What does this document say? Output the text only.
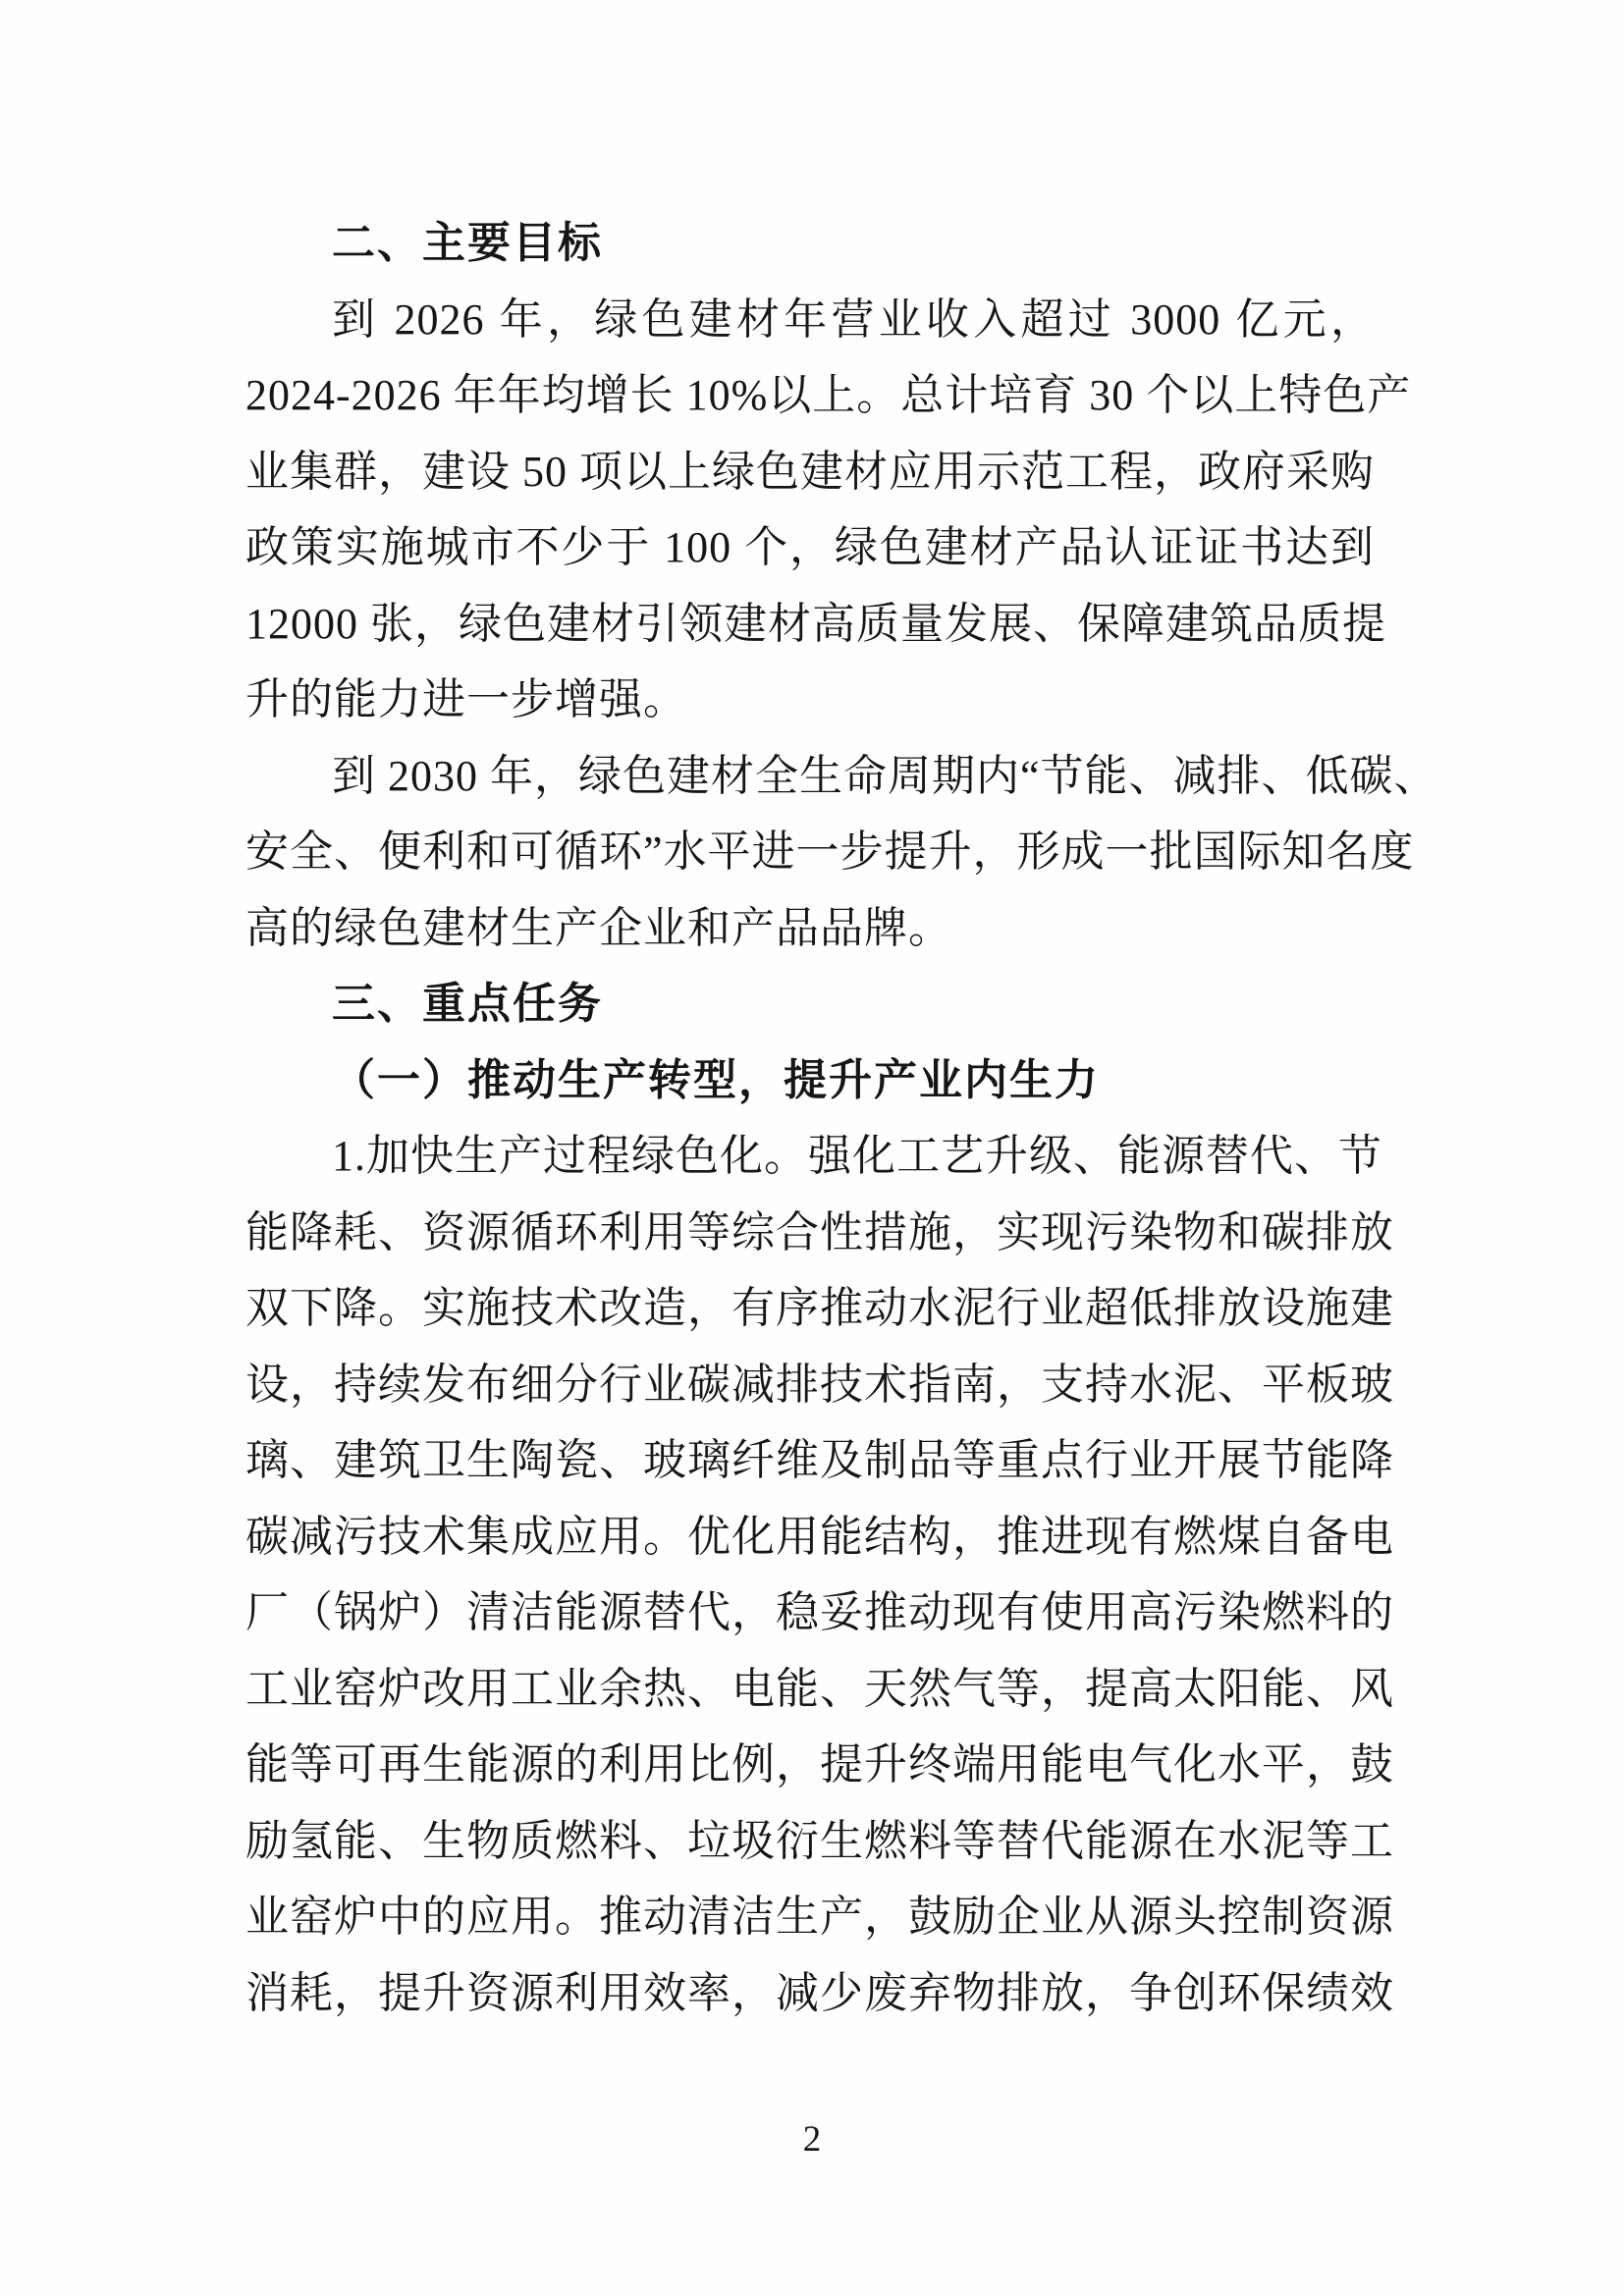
二、主要目标
到 2026 年，绿色建材年营业收入超过 3000 亿元，
2024-2026 年年均增长 10%以上。总计培育 30 个以上特色产
业集群，建设 50 项以上绿色建材应用示范工程，政府采购
政策实施城市不少于 100 个，绿色建材产品认证证书达到
12000 张，绿色建材引领建材高质量发展、保障建筑品质提
升的能力进一步增强。
到 2030 年，绿色建材全生命周期内“节能、减排、低碳、
安全、便利和可循环”水平进一步提升，形成一批国际知名度
高的绿色建材生产企业和产品品牌。
三、重点任务
（一）推动生产转型，提升产业内生力
1.加快生产过程绿色化。强化工艺升级、能源替代、节
能降耗、资源循环利用等综合性措施，实现污染物和碳排放
双下降。实施技术改造，有序推动水泥行业超低排放设施建
设，持续发布细分行业碳减排技术指南，支持水泥、平板玻
璃、建筑卫生陶瓷、玻璃纤维及制品等重点行业开展节能降
碳减污技术集成应用。优化用能结构，推进现有燃煤自备电
厂（锅炉）清洁能源替代，稳妥推动现有使用高污染燃料的
工业窑炉改用工业余热、电能、天然气等，提高太阳能、风
能等可再生能源的利用比例，提升终端用能电气化水平，鼓
励氢能、生物质燃料、垃圾衍生燃料等替代能源在水泥等工
业窑炉中的应用。推动清洁生产，鼓励企业从源头控制资源
消耗，提升资源利用效率，减少废弃物排放，争创环保绩效
2
